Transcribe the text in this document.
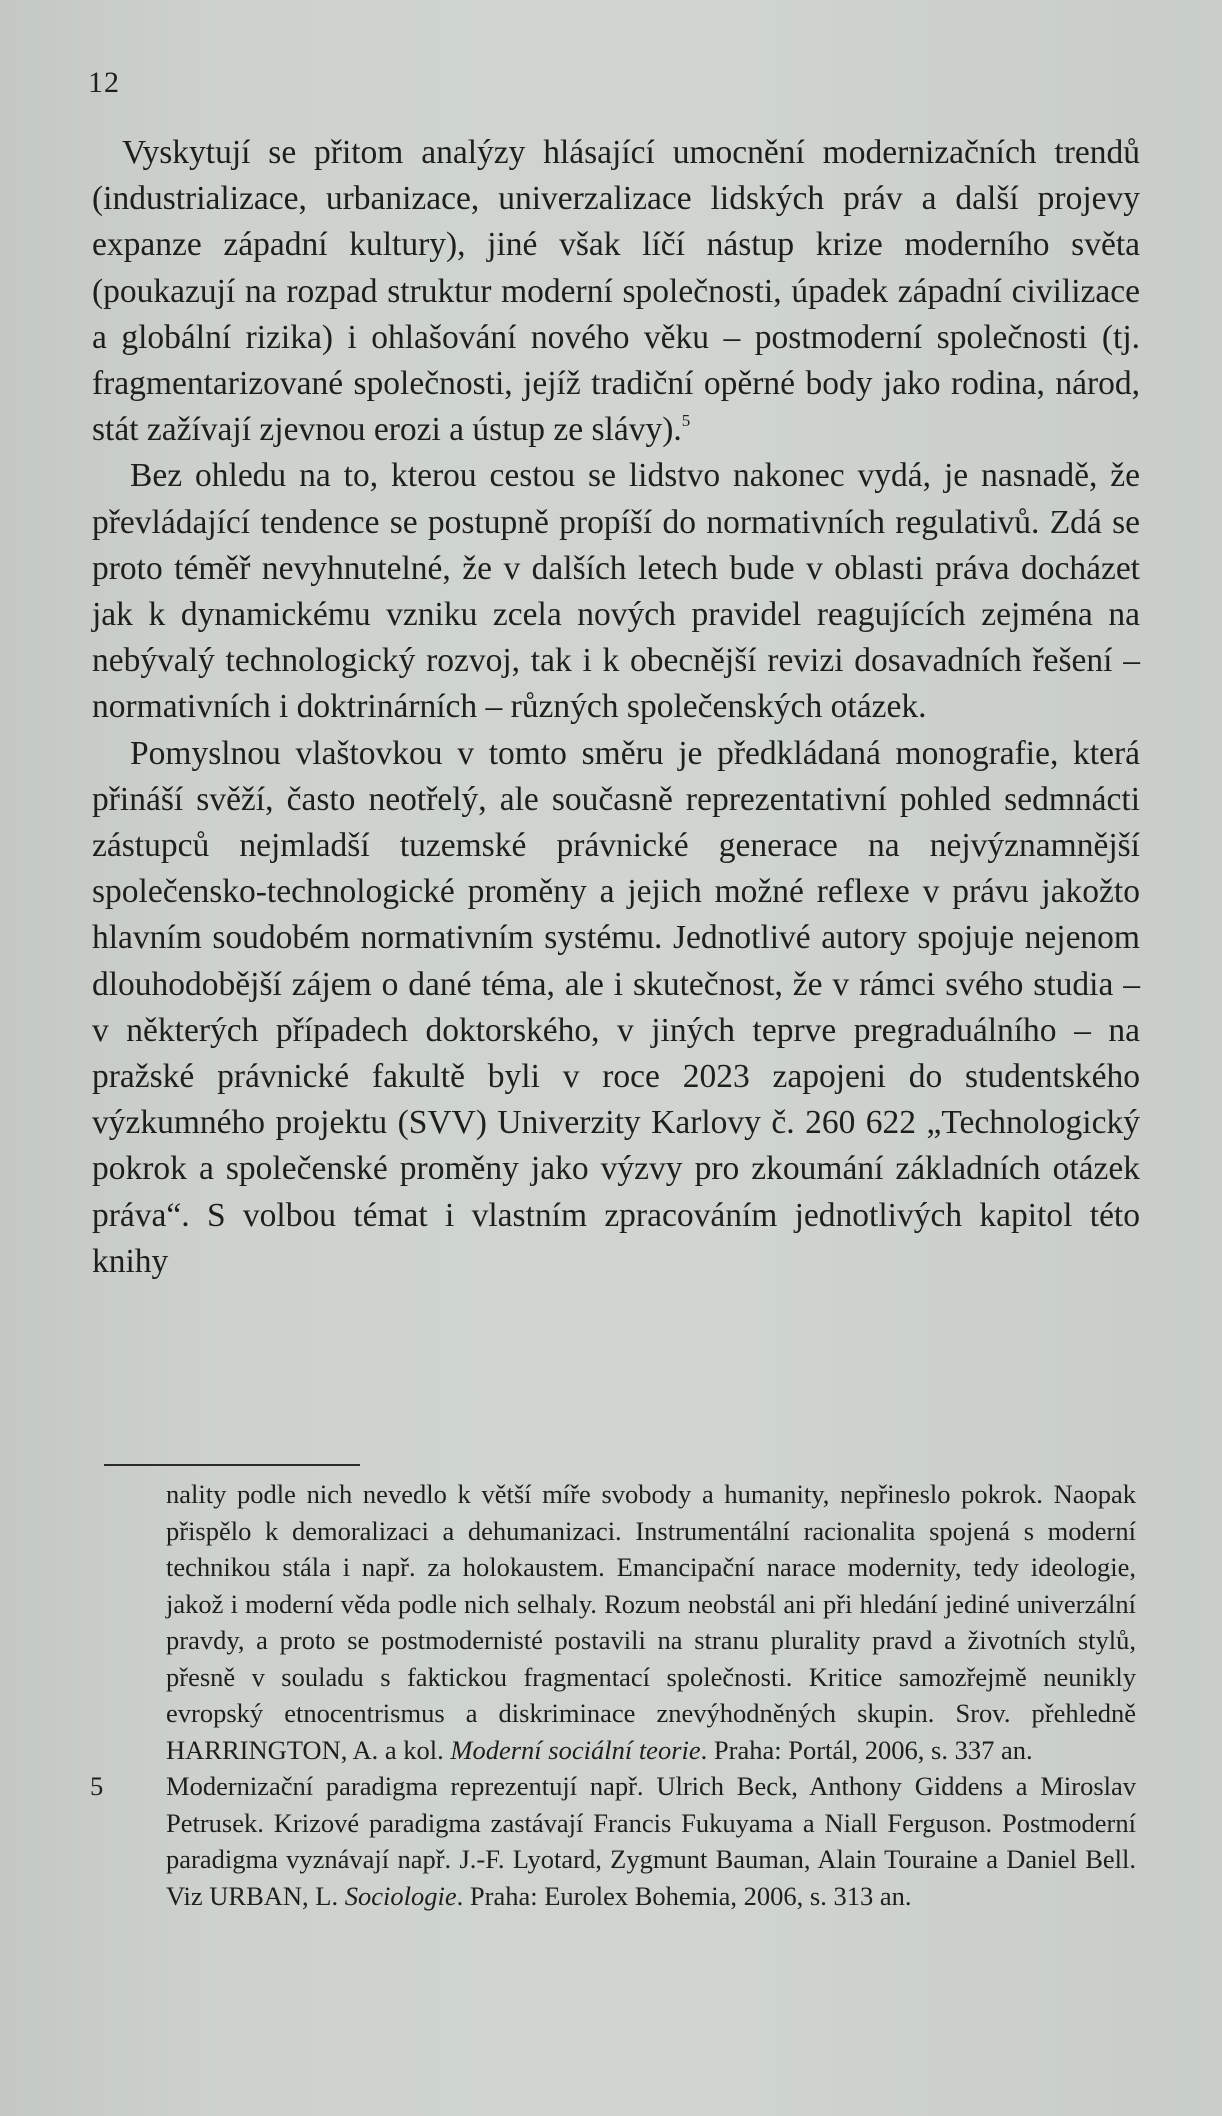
12

Vyskytují se přitom analýzy hlásající umocnění modernizačních trendů (industrializace, urbanizace, univerzalizace lidských práv a další projevy expanze západní kultury), jiné však líčí nástup krize moderního světa (poukazují na rozpad struktur moderní společnosti, úpadek západní civilizace a globální rizika) i ohlašování nového věku – postmoderní společnosti (tj. fragmentarizované společnosti, jejíž tradiční opěrné body jako rodina, národ, stát zažívají zjevnou erozi a ústup ze slávy).$^5$

Bez ohledu na to, kterou cestou se lidstvo nakonec vydá, je nasnadě, že převládající tendence se postupně propíší do normativních regulativů. Zdá se proto téměř nevyhnutelné, že v dalších letech bude v oblasti práva docházet jak k dynamickému vzniku zcela nových pravidel reagujících zejména na nebývalý technologický rozvoj, tak i k obecnější revizi dosavadních řešení – normativních i doktrinárních – různých společenských otázek.

Pomyslnou vlaštovkou v tomto směru je předkládaná monografie, která přináší svěží, často neotřelý, ale současně reprezentativní pohled sedmnácti zástupců nejmladší tuzemské právnické generace na nejvýznamnější společensko-technologické proměny a jejich možné reflexe v právu jakožto hlavním soudobém normativním systému. Jednotlivé autory spojuje nejenom dlouhodobější zájem o dané téma, ale i skutečnost, že v rámci svého studia – v některých případech doktorského, v jiných teprve pregraduálního – na pražské právnické fakultě byli v roce 2023 zapojeni do studentského výzkumného projektu (SVV) Univerzity Karlovy č. 260 622 „Technologický pokrok a společenské proměny jako výzvy pro zkoumání základních otázek práva“. S volbou témat i vlastním zpracováním jednotlivých kapitol této knihy

nality podle nich nevedlo k větší míře svobody a humanity, nepřineslo pokrok. Naopak přispělo k demoralizaci a dehumanizaci. Instrumentální racionalita spojená s moderní technikou stála i např. za holokaustem. Emancipační narace modernity, tedy ideologie, jakož i moderní věda podle nich selhaly. Rozum neobstál ani při hledání jediné univerzální pravdy, a proto se postmodernisté postavili na stranu plurality pravd a životních stylů, přesně v souladu s faktickou fragmentací společnosti. Kritice samozřejmě neunikly evropský etnocentrismus a diskriminace znevýhodněných skupin. Srov. přehledně HARRINGTON, A. a kol. Moderní sociální teorie. Praha: Portál, 2006, s. 337 an.
5	Modernizační paradigma reprezentují např. Ulrich Beck, Anthony Giddens a Miroslav Petrusek. Krizové paradigma zastávají Francis Fukuyama a Niall Ferguson. Postmoderní paradigma vyznávají např. J.-F. Lyotard, Zygmunt Bauman, Alain Touraine a Daniel Bell. Viz URBAN, L. Sociologie. Praha: Eurolex Bohemia, 2006, s. 313 an.
